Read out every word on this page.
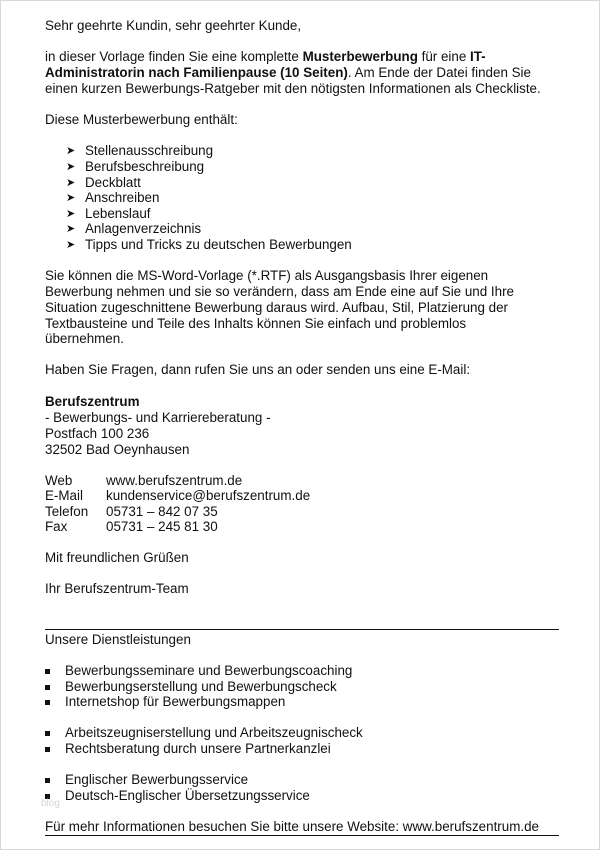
Sehr geehrte Kundin, sehr geehrter Kunde,
in dieser Vorlage finden Sie eine komplette Musterbewerbung für eine IT-
Administratorin nach Familienpause (10 Seiten). Am Ende der Datei finden Sie
einen kurzen Bewerbungs-Ratgeber mit den nötigsten Informationen als Checkliste.
Diese Musterbewerbung enthält:
➤ Stellenausschreibung
➤ Berufsbeschreibung
➤ Deckblatt
➤ Anschreiben
➤ Lebenslauf
➤ Anlagenverzeichnis
➤ Tipps und Tricks zu deutschen Bewerbungen
Sie können die MS-Word-Vorlage (*.RTF) als Ausgangsbasis Ihrer eigenen
Bewerbung nehmen und sie so verändern, dass am Ende eine auf Sie und Ihre
Situation zugeschnittene Bewerbung daraus wird. Aufbau, Stil, Platzierung der
Textbausteine und Teile des Inhalts können Sie einfach und problemlos
übernehmen.
Haben Sie Fragen, dann rufen Sie uns an oder senden uns eine E-Mail:
Berufszentrum
- Bewerbungs- und Karriereberatung -
Postfach 100 236
32502 Bad Oeynhausen
Web	www.berufszentrum.de
E-Mail kundenservice@berufszentrum.de
Telefon 05731 – 842 07 35
Fax	05731 – 245 81 30
Mit freundlichen Grüßen
Ihr Berufszentrum-Team
Unsere Dienstleistungen
Bewerbungsseminare und Bewerbungscoaching
Bewerbungserstellung und Bewerbungscheck
Internetshop für Bewerbungsmappen
Arbeitszeugniserstellung und Arbeitszeugnischeck
Rechtsberatung durch unsere Partnerkanzlei
Englischer Bewerbungsservice
Deutsch-Englischer Übersetzungsservice
blog
Für mehr Informationen besuchen Sie bitte unsere Website: www.berufszentrum.de
